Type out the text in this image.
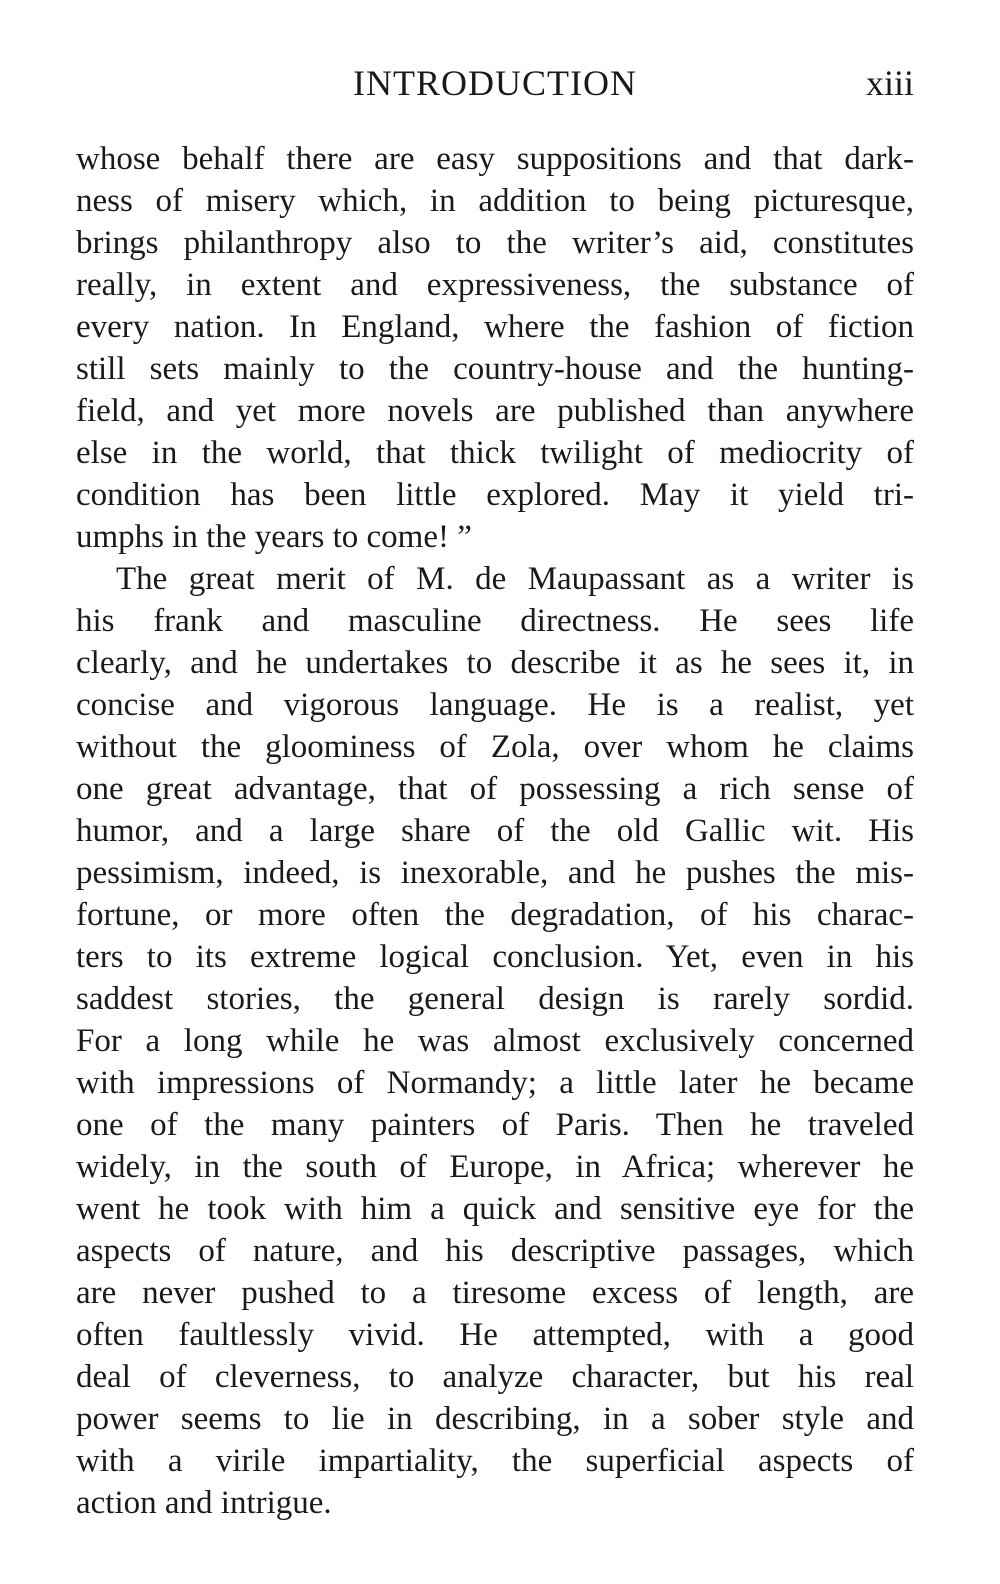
INTRODUCTION	xiii
whose behalf there are easy suppositions and that dark-
ness of misery which, in addition to being picturesque,
brings philanthropy also to the writer’s aid, constitutes
really, in extent and expressiveness, the substance of
every nation. In England, where the fashion of fiction
still sets mainly to the country-house and the hunting-
field, and yet more novels are published than anywhere
else in the world, that thick twilight of mediocrity of
condition has been little explored. May it yield tri-
umphs in the years to come! ”
The great merit of M. de Maupassant as a writer is
his frank and masculine directness. He sees life
clearly, and he undertakes to describe it as he sees it, in
concise and vigorous language. He is a realist, yet
without the gloominess of Zola, over whom he claims
one great advantage, that of possessing a rich sense of
humor, and a large share of the old Gallic wit. His
pessimism, indeed, is inexorable, and he pushes the mis-
fortune, or more often the degradation, of his charac-
ters to its extreme logical conclusion. Yet, even in his
saddest stories, the general design is rarely sordid.
For a long while he was almost exclusively concerned
with impressions of Normandy; a little later he became
one of the many painters of Paris. Then he traveled
widely, in the south of Europe, in Africa; wherever he
went he took with him a quick and sensitive eye for the
aspects of nature, and his descriptive passages, which
are never pushed to a tiresome excess of length, are
often faultlessly vivid. He attempted, with a good
deal of cleverness, to analyze character, but his real
power seems to lie in describing, in a sober style and
with a virile impartiality, the superficial aspects of
action and intrigue.
